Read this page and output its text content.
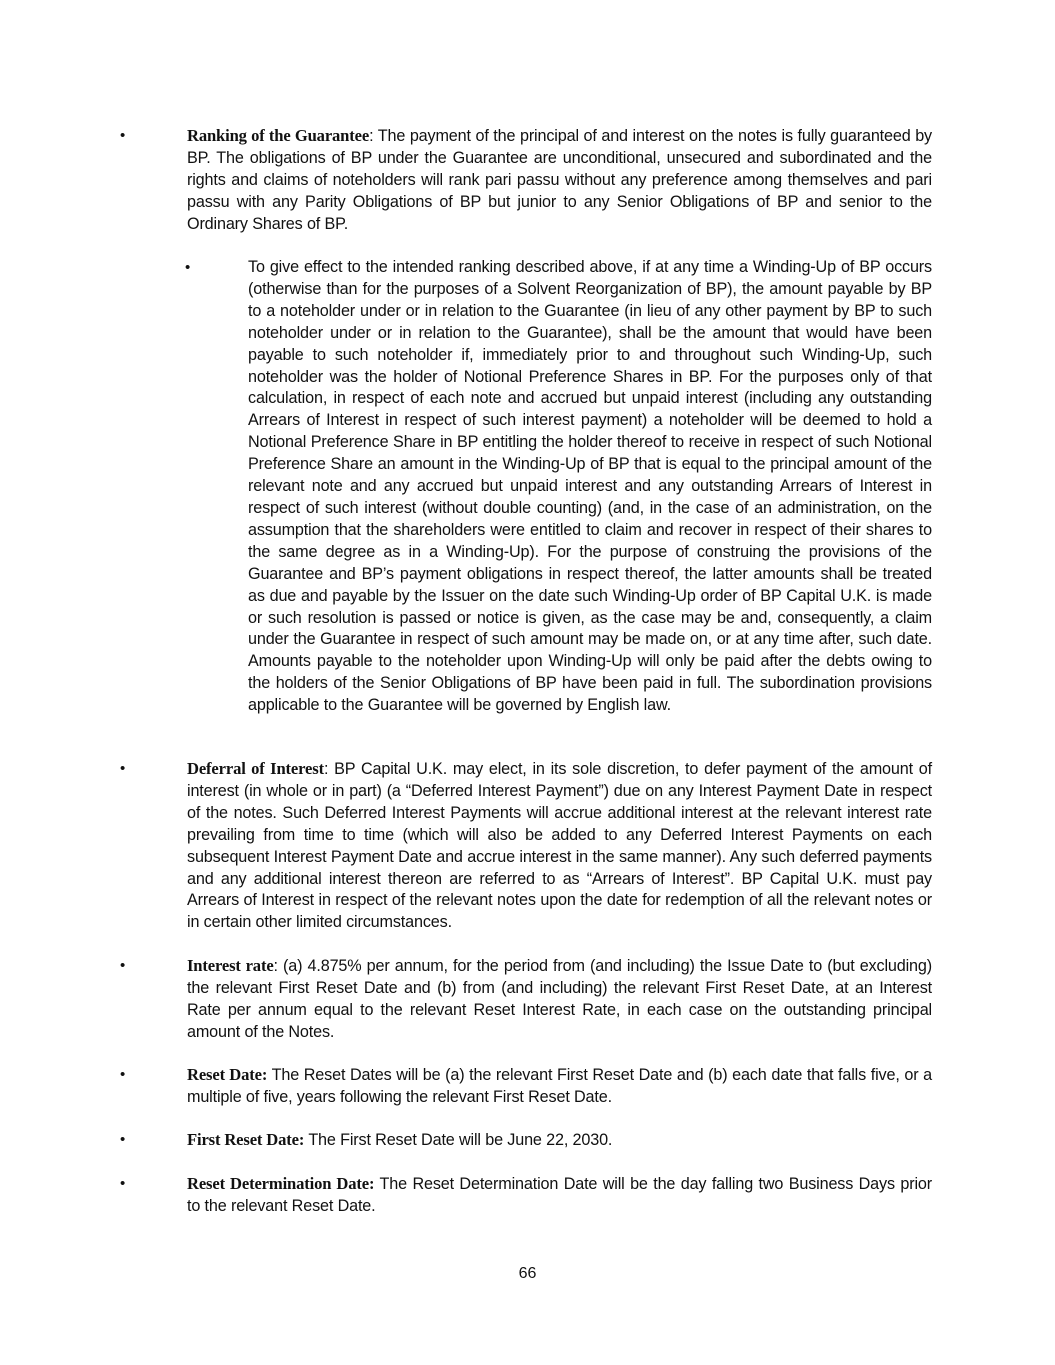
•	Ranking of the Guarantee: The payment of the principal of and interest on the notes is fully guaranteed by BP. The obligations of BP under the Guarantee are unconditional, unsecured and subordinated and the rights and claims of noteholders will rank pari passu without any preference among themselves and pari passu with any Parity Obligations of BP but junior to any Senior Obligations of BP and senior to the Ordinary Shares of BP.
•	To give effect to the intended ranking described above, if at any time a Winding-Up of BP occurs (otherwise than for the purposes of a Solvent Reorganization of BP), the amount payable by BP to a noteholder under or in relation to the Guarantee (in lieu of any other payment by BP to such noteholder under or in relation to the Guarantee), shall be the amount that would have been payable to such noteholder if, immediately prior to and throughout such Winding-Up, such noteholder was the holder of Notional Preference Shares in BP. For the purposes only of that calculation, in respect of each note and accrued but unpaid interest (including any outstanding Arrears of Interest in respect of such interest payment) a noteholder will be deemed to hold a Notional Preference Share in BP entitling the holder thereof to receive in respect of such Notional Preference Share an amount in the Winding-Up of BP that is equal to the principal amount of the relevant note and any accrued but unpaid interest and any outstanding Arrears of Interest in respect of such interest (without double counting) (and, in the case of an administration, on the assumption that the shareholders were entitled to claim and recover in respect of their shares to the same degree as in a Winding-Up). For the purpose of construing the provisions of the Guarantee and BP’s payment obligations in respect thereof, the latter amounts shall be treated as due and payable by the Issuer on the date such Winding-Up order of BP Capital U.K. is made or such resolution is passed or notice is given, as the case may be and, consequently, a claim under the Guarantee in respect of such amount may be made on, or at any time after, such date. Amounts payable to the noteholder upon Winding-Up will only be paid after the debts owing to the holders of the Senior Obligations of BP have been paid in full. The subordination provisions applicable to the Guarantee will be governed by English law.
•	Deferral of Interest: BP Capital U.K. may elect, in its sole discretion, to defer payment of the amount of interest (in whole or in part) (a “Deferred Interest Payment”) due on any Interest Payment Date in respect of the notes. Such Deferred Interest Payments will accrue additional interest at the relevant interest rate prevailing from time to time (which will also be added to any Deferred Interest Payments on each subsequent Interest Payment Date and accrue interest in the same manner). Any such deferred payments and any additional interest thereon are referred to as “Arrears of Interest”. BP Capital U.K. must pay Arrears of Interest in respect of the relevant notes upon the date for redemption of all the relevant notes or in certain other limited circumstances.
•	Interest rate: (a) 4.875% per annum, for the period from (and including) the Issue Date to (but excluding) the relevant First Reset Date and (b) from (and including) the relevant First Reset Date, at an Interest Rate per annum equal to the relevant Reset Interest Rate, in each case on the outstanding principal amount of the Notes.
•	Reset Date: The Reset Dates will be (a) the relevant First Reset Date and (b) each date that falls five, or a multiple of five, years following the relevant First Reset Date.
•	First Reset Date: The First Reset Date will be June 22, 2030.
•	Reset Determination Date: The Reset Determination Date will be the day falling two Business Days prior to the relevant Reset Date.
66
